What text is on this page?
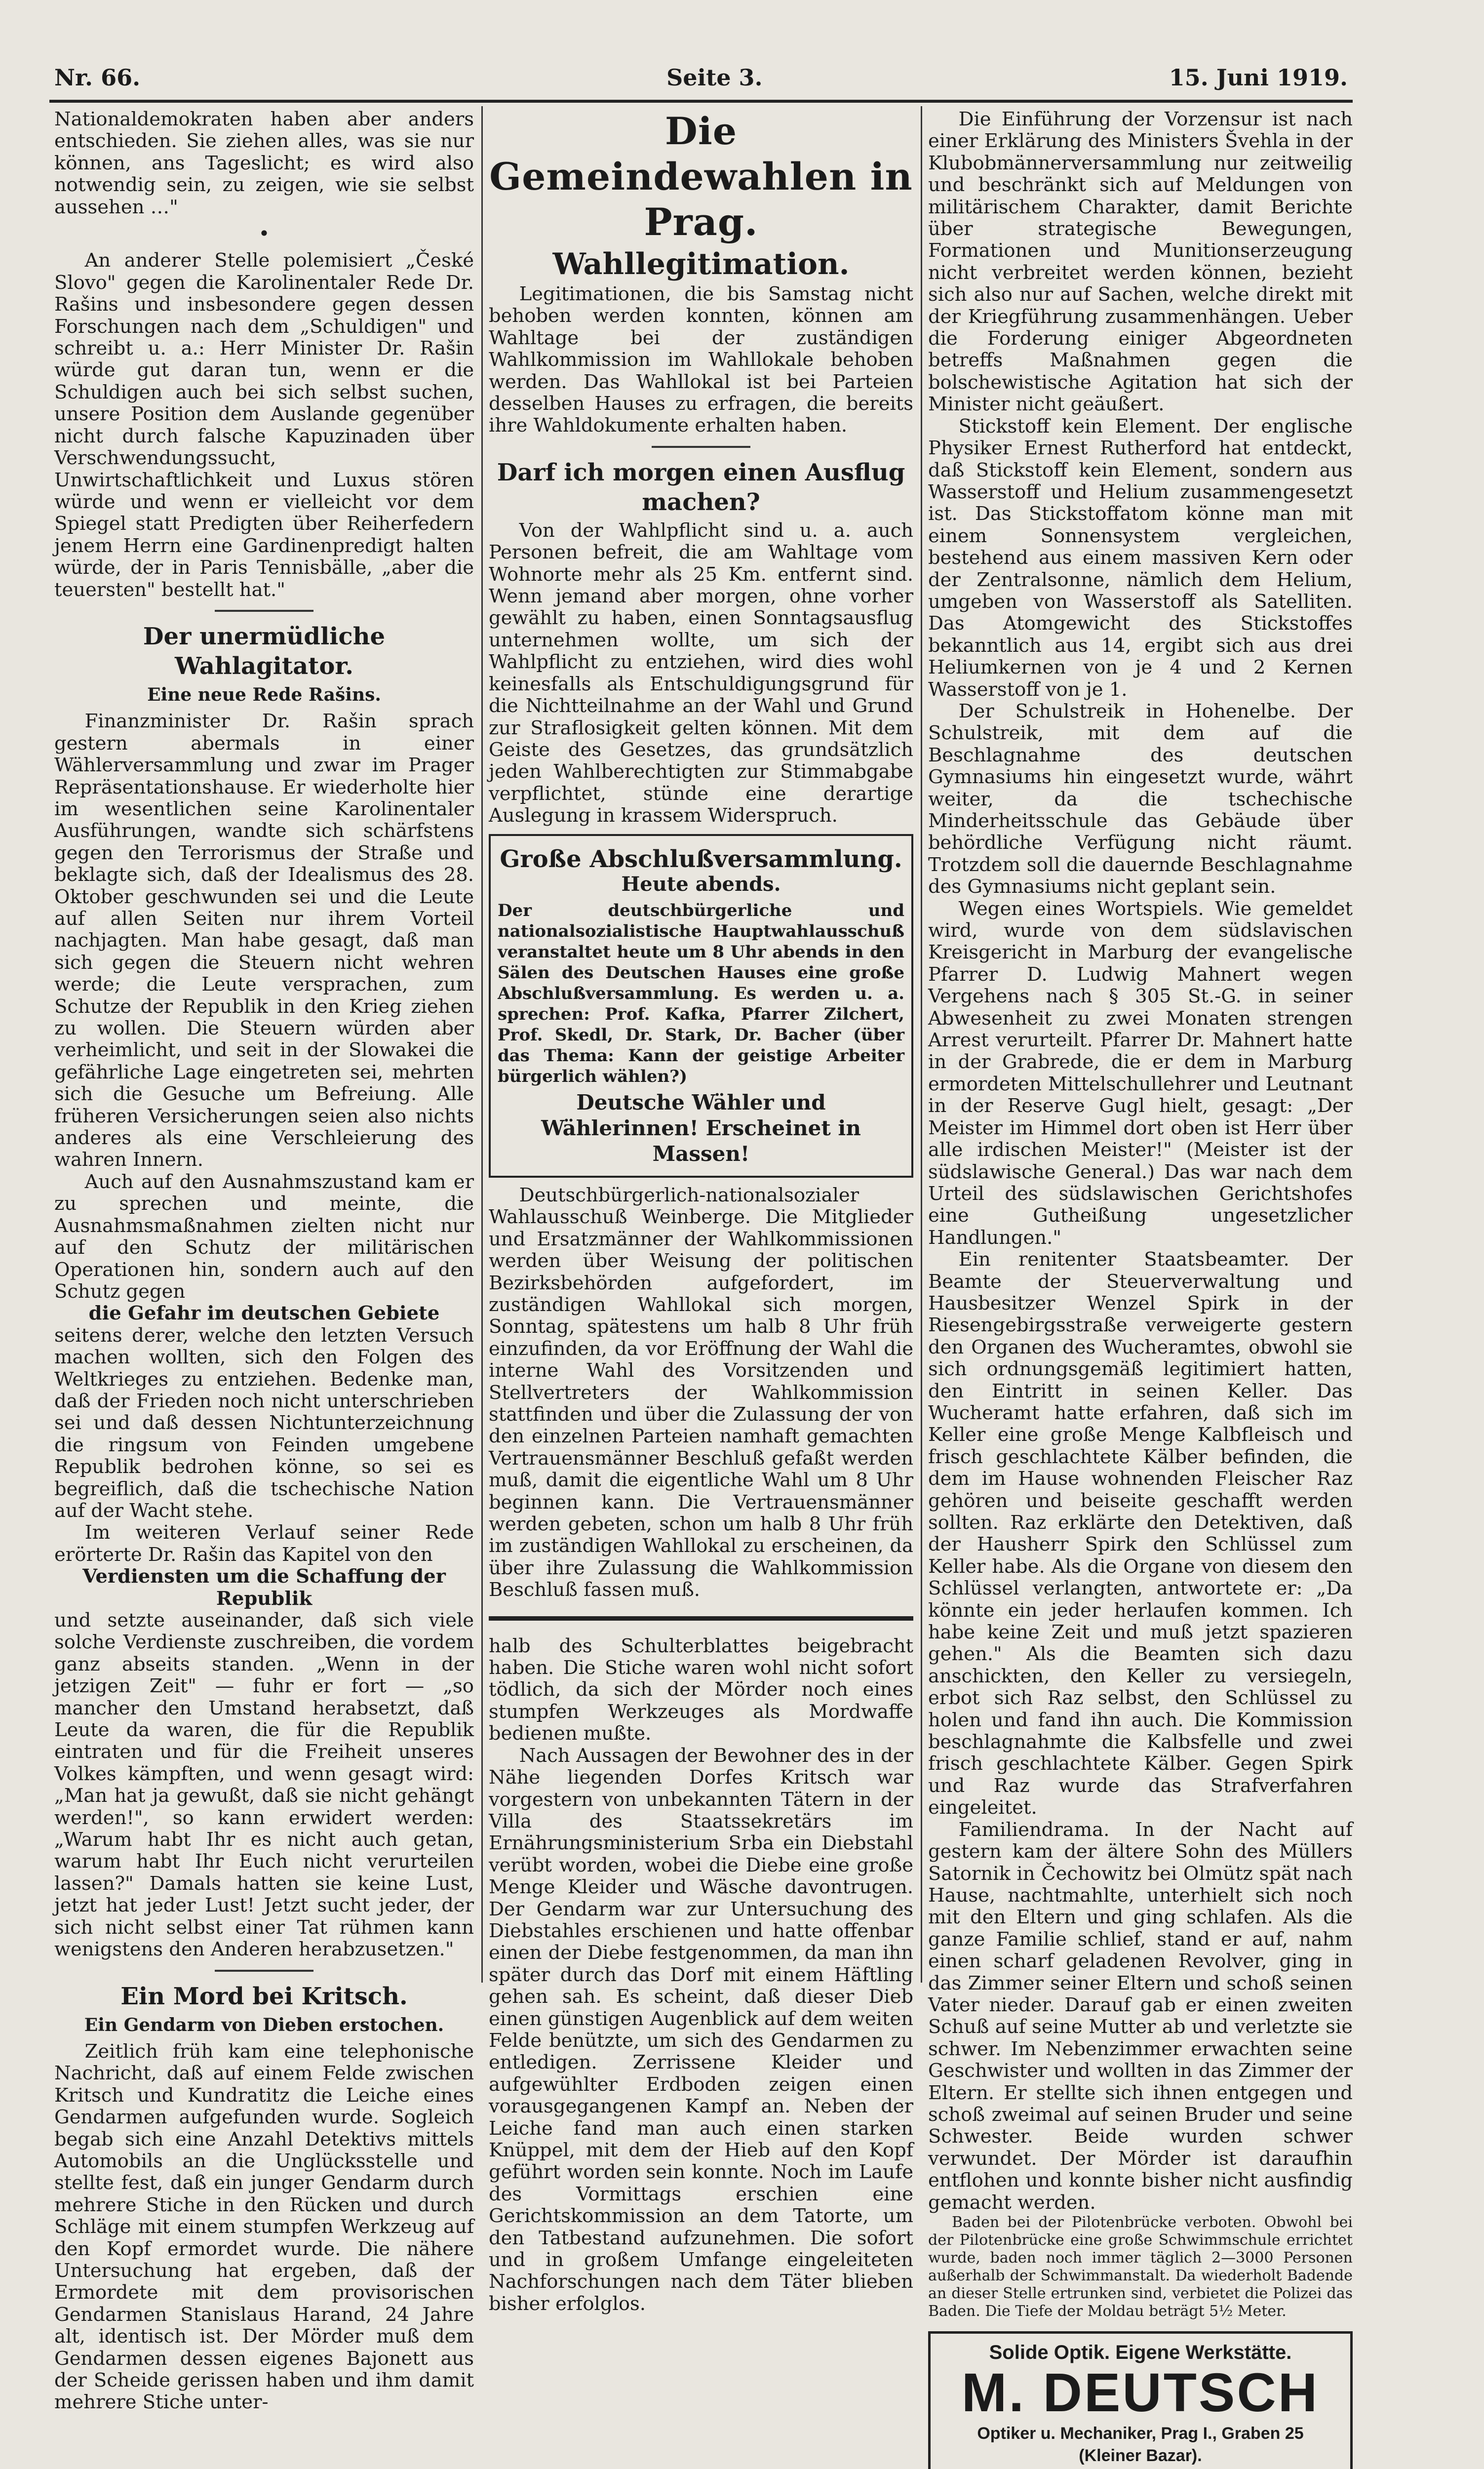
Nr. 66.	Seite 3.	15. Juni 1919.

Nationaldemokraten haben aber anders entschieden. Sie ziehen alles, was sie nur können, ans Tageslicht; es wird also notwendig sein, zu zeigen, wie sie selbst aussehen …"

•

An anderer Stelle polemisiert „České Slovo" gegen die Karolinentaler Rede Dr. Rašins und insbesondere gegen dessen Forschungen nach dem „Schuldigen" und schreibt u. a.: Herr Minister Dr. Rašin würde gut daran tun, wenn er die Schuldigen auch bei sich selbst suchen, unsere Position dem Auslande gegenüber nicht durch falsche Kapuzinaden über Verschwendungssucht, Unwirtschaftlichkeit und Luxus stören würde und wenn er vielleicht vor dem Spiegel statt Predigten über Reiherfedern jenem Herrn eine Gardinenpredigt halten würde, der in Paris Tennisbälle, „aber die teuersten" bestellt hat."

Der unermüdliche Wahlagitator.
Eine neue Rede Rašins.

Finanzminister Dr. Rašin sprach gestern abermals in einer Wählerversammlung und zwar im Prager Repräsentationshause. Er wiederholte hier im wesentlichen seine Karolinentaler Ausführungen, wandte sich schärfstens gegen den Terrorismus der Straße und beklagte sich, daß der Idealismus des 28. Oktober geschwunden sei und die Leute auf allen Seiten nur ihrem Vorteil nachjagten. Man habe gesagt, daß man sich gegen die Steuern nicht wehren werde; die Leute versprachen, zum Schutze der Republik in den Krieg ziehen zu wollen. Die Steuern würden aber verheimlicht, und seit in der Slowakei die gefährliche Lage eingetreten sei, mehrten sich die Gesuche um Befreiung. Alle früheren Versicherungen seien also nichts anderes als eine Verschleierung des wahren Innern.

Auch auf den Ausnahmszustand kam er zu sprechen und meinte, die Ausnahmsmaßnahmen zielten nicht nur auf den Schutz der militärischen Operationen hin, sondern auch auf den Schutz gegen

die Gefahr im deutschen Gebiete

seitens derer, welche den letzten Versuch machen wollten, sich den Folgen des Weltkrieges zu entziehen. Bedenke man, daß der Frieden noch nicht unterschrieben sei und daß dessen Nichtunterzeichnung die ringsum von Feinden umgebene Republik bedrohen könne, so sei es begreiflich, daß die tschechische Nation auf der Wacht stehe.

Im weiteren Verlauf seiner Rede erörterte Dr. Rašin das Kapitel von den

Verdiensten um die Schaffung der Republik

und setzte auseinander, daß sich viele solche Verdienste zuschreiben, die vordem ganz abseits standen. „Wenn in der jetzigen Zeit" — fuhr er fort — „so mancher den Umstand herabsetzt, daß Leute da waren, die für die Republik eintraten und für die Freiheit unseres Volkes kämpften, und wenn gesagt wird: „Man hat ja gewußt, daß sie nicht gehängt werden!", so kann erwidert werden: „Warum habt Ihr es nicht auch getan, warum habt Ihr Euch nicht verurteilen lassen?" Damals hatten sie keine Lust, jetzt hat jeder Lust! Jetzt sucht jeder, der sich nicht selbst einer Tat rühmen kann wenigstens den Anderen herabzusetzen."

Ein Mord bei Kritsch.
Ein Gendarm von Dieben erstochen.

Zeitlich früh kam eine telephonische Nachricht, daß auf einem Felde zwischen Kritsch und Kundratitz die Leiche eines Gendarmen aufgefunden wurde. Sogleich begab sich eine Anzahl Detektivs mittels Automobils an die Unglücksstelle und stellte fest, daß ein junger Gendarm durch mehrere Stiche in den Rücken und durch Schläge mit einem stumpfen Werkzeug auf den Kopf ermordet wurde. Die nähere Untersuchung hat ergeben, daß der Ermordete mit dem provisorischen Gendarmen Stanislaus Harand, 24 Jahre alt, identisch ist. Der Mörder muß dem Gendarmen dessen eigenes Bajonett aus der Scheide gerissen haben und ihm damit mehrere Stiche unter-

Die Gemeindewahlen in Prag.
Wahllegitimation.

Legitimationen, die bis Samstag nicht behoben werden konnten, können am Wahltage bei der zuständigen Wahlkommission im Wahllokale behoben werden. Das Wahllokal ist bei Parteien desselben Hauses zu erfragen, die bereits ihre Wahldokumente erhalten haben.

Darf ich morgen einen Ausflug machen?

Von der Wahlpflicht sind u. a. auch Personen befreit, die am Wahltage vom Wohnorte mehr als 25 Km. entfernt sind. Wenn jemand aber morgen, ohne vorher gewählt zu haben, einen Sonntagsausflug unternehmen wollte, um sich der Wahlpflicht zu entziehen, wird dies wohl keinesfalls als Entschuldigungsgrund für die Nichtteilnahme an der Wahl und Grund zur Straflosigkeit gelten können. Mit dem Geiste des Gesetzes, das grundsätzlich jeden Wahlberechtigten zur Stimmabgabe verpflichtet, stünde eine derartige Auslegung in krassem Widerspruch.

Große Abschlußversammlung.
Heute abends.
Der deutschbürgerliche und nationalsozialistische Hauptwahlausschuß veranstaltet heute um 8 Uhr abends in den Sälen des Deutschen Hauses eine große Abschlußversammlung. Es werden u. a. sprechen: Prof. Kafka, Pfarrer Zilchert, Prof. Skedl, Dr. Stark, Dr. Bacher (über das Thema: Kann der geistige Arbeiter bürgerlich wählen?)
Deutsche Wähler und Wählerinnen! Erscheinet in Massen!

Deutschbürgerlich-nationalsozialer Wahlausschuß Weinberge. Die Mitglieder und Ersatzmänner der Wahlkommissionen werden über Weisung der politischen Bezirksbehörden aufgefordert, im zuständigen Wahllokal sich morgen, Sonntag, spätestens um halb 8 Uhr früh einzufinden, da vor Eröffnung der Wahl die interne Wahl des Vorsitzenden und Stellvertreters der Wahlkommission stattfinden und über die Zulassung der von den einzelnen Parteien namhaft gemachten Vertrauensmänner Beschluß gefaßt werden muß, damit die eigentliche Wahl um 8 Uhr beginnen kann. Die Vertrauensmänner werden gebeten, schon um halb 8 Uhr früh im zuständigen Wahllokal zu erscheinen, da über ihre Zulassung die Wahlkommission Beschluß fassen muß.

halb des Schulterblattes beigebracht haben. Die Stiche waren wohl nicht sofort tödlich, da sich der Mörder noch eines stumpfen Werkzeuges als Mordwaffe bedienen mußte.

Nach Aussagen der Bewohner des in der Nähe liegenden Dorfes Kritsch war vorgestern von unbekannten Tätern in der Villa des Staatssekretärs im Ernährungsministerium Srba ein Diebstahl verübt worden, wobei die Diebe eine große Menge Kleider und Wäsche davontrugen. Der Gendarm war zur Untersuchung des Diebstahles erschienen und hatte offenbar einen der Diebe festgenommen, da man ihn später durch das Dorf mit einem Häftling gehen sah. Es scheint, daß dieser Dieb einen günstigen Augenblick auf dem weiten Felde benützte, um sich des Gendarmen zu entledigen. Zerrissene Kleider und aufgewühlter Erdboden zeigen einen vorausgegangenen Kampf an. Neben der Leiche fand man auch einen starken Knüppel, mit dem der Hieb auf den Kopf geführt worden sein konnte. Noch im Laufe des Vormittags erschien eine Gerichtskommission an dem Tatorte, um den Tatbestand aufzunehmen. Die sofort und in großem Umfange eingeleiteten Nachforschungen nach dem Täter blieben bisher erfolglos.

Die Einführung der Vorzensur ist nach einer Erklärung des Ministers Švehla in der Klubobmännerversammlung nur zeitweilig und beschränkt sich auf Meldungen von militärischem Charakter, damit Berichte über strategische Bewegungen, Formationen und Munitionserzeugung nicht verbreitet werden können, bezieht sich also nur auf Sachen, welche direkt mit der Kriegführung zusammenhängen. Ueber die Forderung einiger Abgeordneten betreffs Maßnahmen gegen die bolschewistische Agitation hat sich der Minister nicht geäußert.

Stickstoff kein Element. Der englische Physiker Ernest Rutherford hat entdeckt, daß Stickstoff kein Element, sondern aus Wasserstoff und Helium zusammengesetzt ist. Das Stickstoffatom könne man mit einem Sonnensystem vergleichen, bestehend aus einem massiven Kern oder der Zentralsonne, nämlich dem Helium, umgeben von Wasserstoff als Satelliten. Das Atomgewicht des Stickstoffes bekanntlich aus 14, ergibt sich aus drei Heliumkernen von je 4 und 2 Kernen Wasserstoff von je 1.

Der Schulstreik in Hohenelbe. Der Schulstreik, mit dem auf die Beschlagnahme des deutschen Gymnasiums hin eingesetzt wurde, währt weiter, da die tschechische Minderheitsschule das Gebäude über behördliche Verfügung nicht räumt. Trotzdem soll die dauernde Beschlagnahme des Gymnasiums nicht geplant sein.

Wegen eines Wortspiels. Wie gemeldet wird, wurde von dem südslavischen Kreisgericht in Marburg der evangelische Pfarrer D. Ludwig Mahnert wegen Vergehens nach § 305 St.-G. in seiner Abwesenheit zu zwei Monaten strengen Arrest verurteilt. Pfarrer Dr. Mahnert hatte in der Grabrede, die er dem in Marburg ermordeten Mittelschullehrer und Leutnant in der Reserve Gugl hielt, gesagt: „Der Meister im Himmel dort oben ist Herr über alle irdischen Meister!" (Meister ist der südslawische General.) Das war nach dem Urteil des südslawischen Gerichtshofes eine Gutheißung ungesetzlicher Handlungen."

Ein renitenter Staatsbeamter. Der Beamte der Steuerverwaltung und Hausbesitzer Wenzel Spirk in der Riesengebirgsstraße verweigerte gestern den Organen des Wucheramtes, obwohl sie sich ordnungsgemäß legitimiert hatten, den Eintritt in seinen Keller. Das Wucheramt hatte erfahren, daß sich im Keller eine große Menge Kalbfleisch und frisch geschlachtete Kälber befinden, die dem im Hause wohnenden Fleischer Raz gehören und beiseite geschafft werden sollten. Raz erklärte den Detektiven, daß der Hausherr Spirk den Schlüssel zum Keller habe. Als die Organe von diesem den Schlüssel verlangten, antwortete er: „Da könnte ein jeder herlaufen kommen. Ich habe keine Zeit und muß jetzt spazieren gehen." Als die Beamten sich dazu anschickten, den Keller zu versiegeln, erbot sich Raz selbst, den Schlüssel zu holen und fand ihn auch. Die Kommission beschlagnahmte die Kalbsfelle und zwei frisch geschlachtete Kälber. Gegen Spirk und Raz wurde das Strafverfahren eingeleitet.

Familiendrama. In der Nacht auf gestern kam der ältere Sohn des Müllers Satornik in Čechowitz bei Olmütz spät nach Hause, nachtmahlte, unterhielt sich noch mit den Eltern und ging schlafen. Als die ganze Familie schlief, stand er auf, nahm einen scharf geladenen Revolver, ging in das Zimmer seiner Eltern und schoß seinen Vater nieder. Darauf gab er einen zweiten Schuß auf seine Mutter ab und verletzte sie schwer. Im Nebenzimmer erwachten seine Geschwister und wollten in das Zimmer der Eltern. Er stellte sich ihnen entgegen und schoß zweimal auf seinen Bruder und seine Schwester. Beide wurden schwer verwundet. Der Mörder ist daraufhin entflohen und konnte bisher nicht ausfindig gemacht werden.

Baden bei der Pilotenbrücke verboten. Obwohl bei der Pilotenbrücke eine große Schwimmschule errichtet wurde, baden noch immer täglich 2—3000 Personen außerhalb der Schwimmanstalt. Da wiederholt Badende an dieser Stelle ertrunken sind, verbietet die Polizei das Baden. Die Tiefe der Moldau beträgt 5½ Meter.

Solide Optik. Eigene Werkstätte.
M. DEUTSCH
Optiker u. Mechaniker, Prag I., Graben 25
(Kleiner Bazar).
